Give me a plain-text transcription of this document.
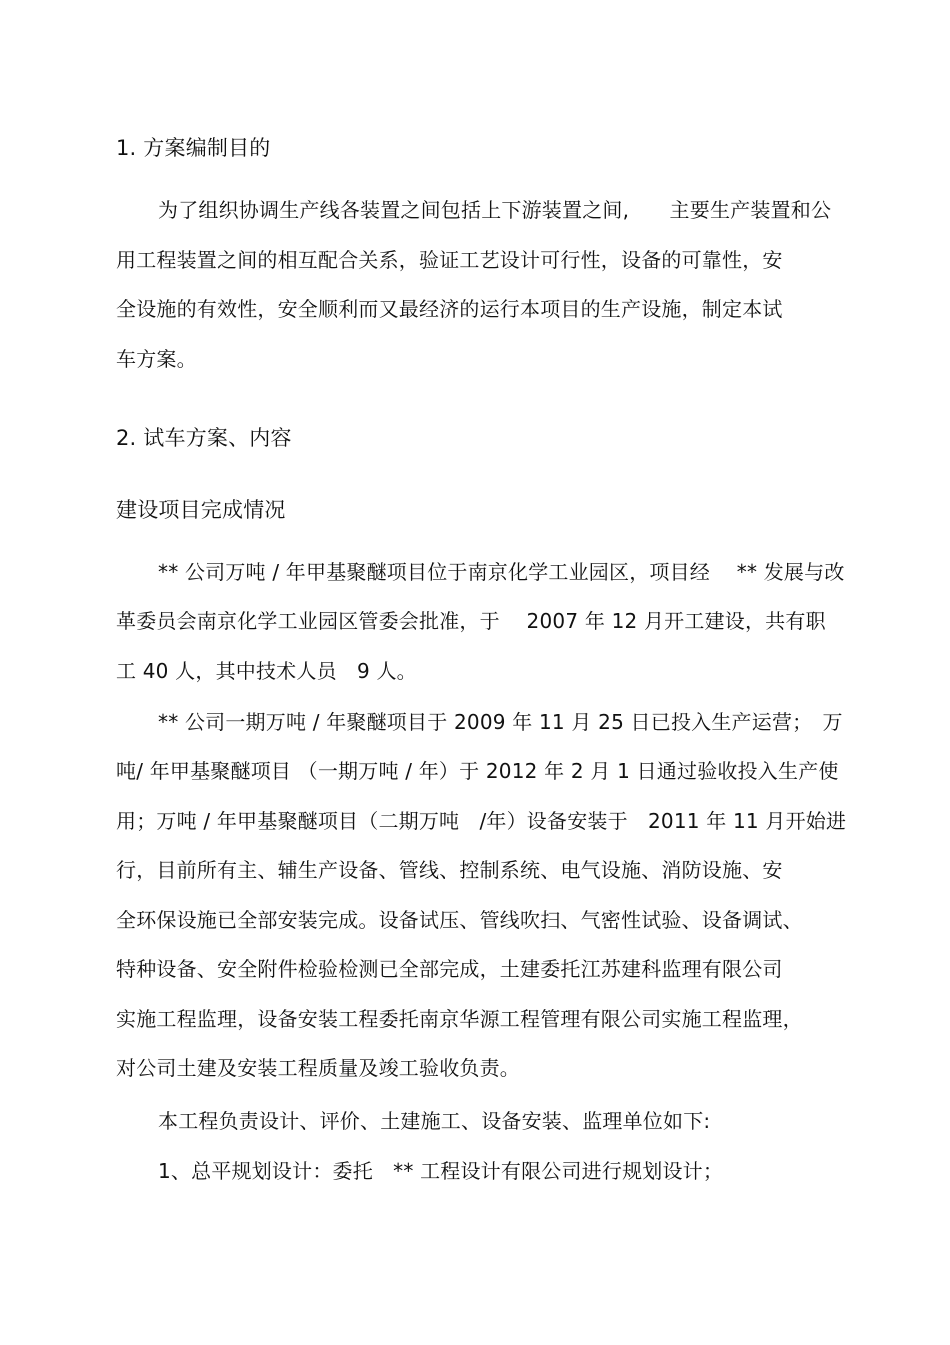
1. 方案编制目的
为了组织协调生产线各装置之间包括上下游装置之间,　　主要生产装置和公
用工程装置之间的相互配合关系，验证工艺设计可行性，设备的可靠性，安
全设施的有效性，安全顺利而又最经济的运行本项目的生产设施，制定本试
车方案。
2. 试车方案、内容
建设项目完成情况
** 公司万吨 / 年甲基聚醚项目位于南京化学工业园区，项目经　 ** 发展与改
革委员会南京化学工业园区管委会批准，于　 2007 年 12 月开工建设，共有职
工 40 人，其中技术人员　9 人。
** 公司一期万吨 / 年聚醚项目于 2009 年 11 月 25 日已投入生产运营；　万
吨/ 年甲基聚醚项目 （一期万吨 / 年）于 2012 年 2 月 1 日通过验收投入生产使
用；万吨 / 年甲基聚醚项目（二期万吨　/年）设备安装于　2011 年 11 月开始进
行，目前所有主、辅生产设备、管线、控制系统、电气设施、消防设施、安
全环保设施已全部安装完成。设备试压、管线吹扫、气密性试验、设备调试、
特种设备、安全附件检验检测已全部完成，土建委托江苏建科监理有限公司
实施工程监理，设备安装工程委托南京华源工程管理有限公司实施工程监理，
对公司土建及安装工程质量及竣工验收负责。
本工程负责设计、评价、土建施工、设备安装、监理单位如下:
1、总平规划设计：委托　** 工程设计有限公司进行规划设计；
